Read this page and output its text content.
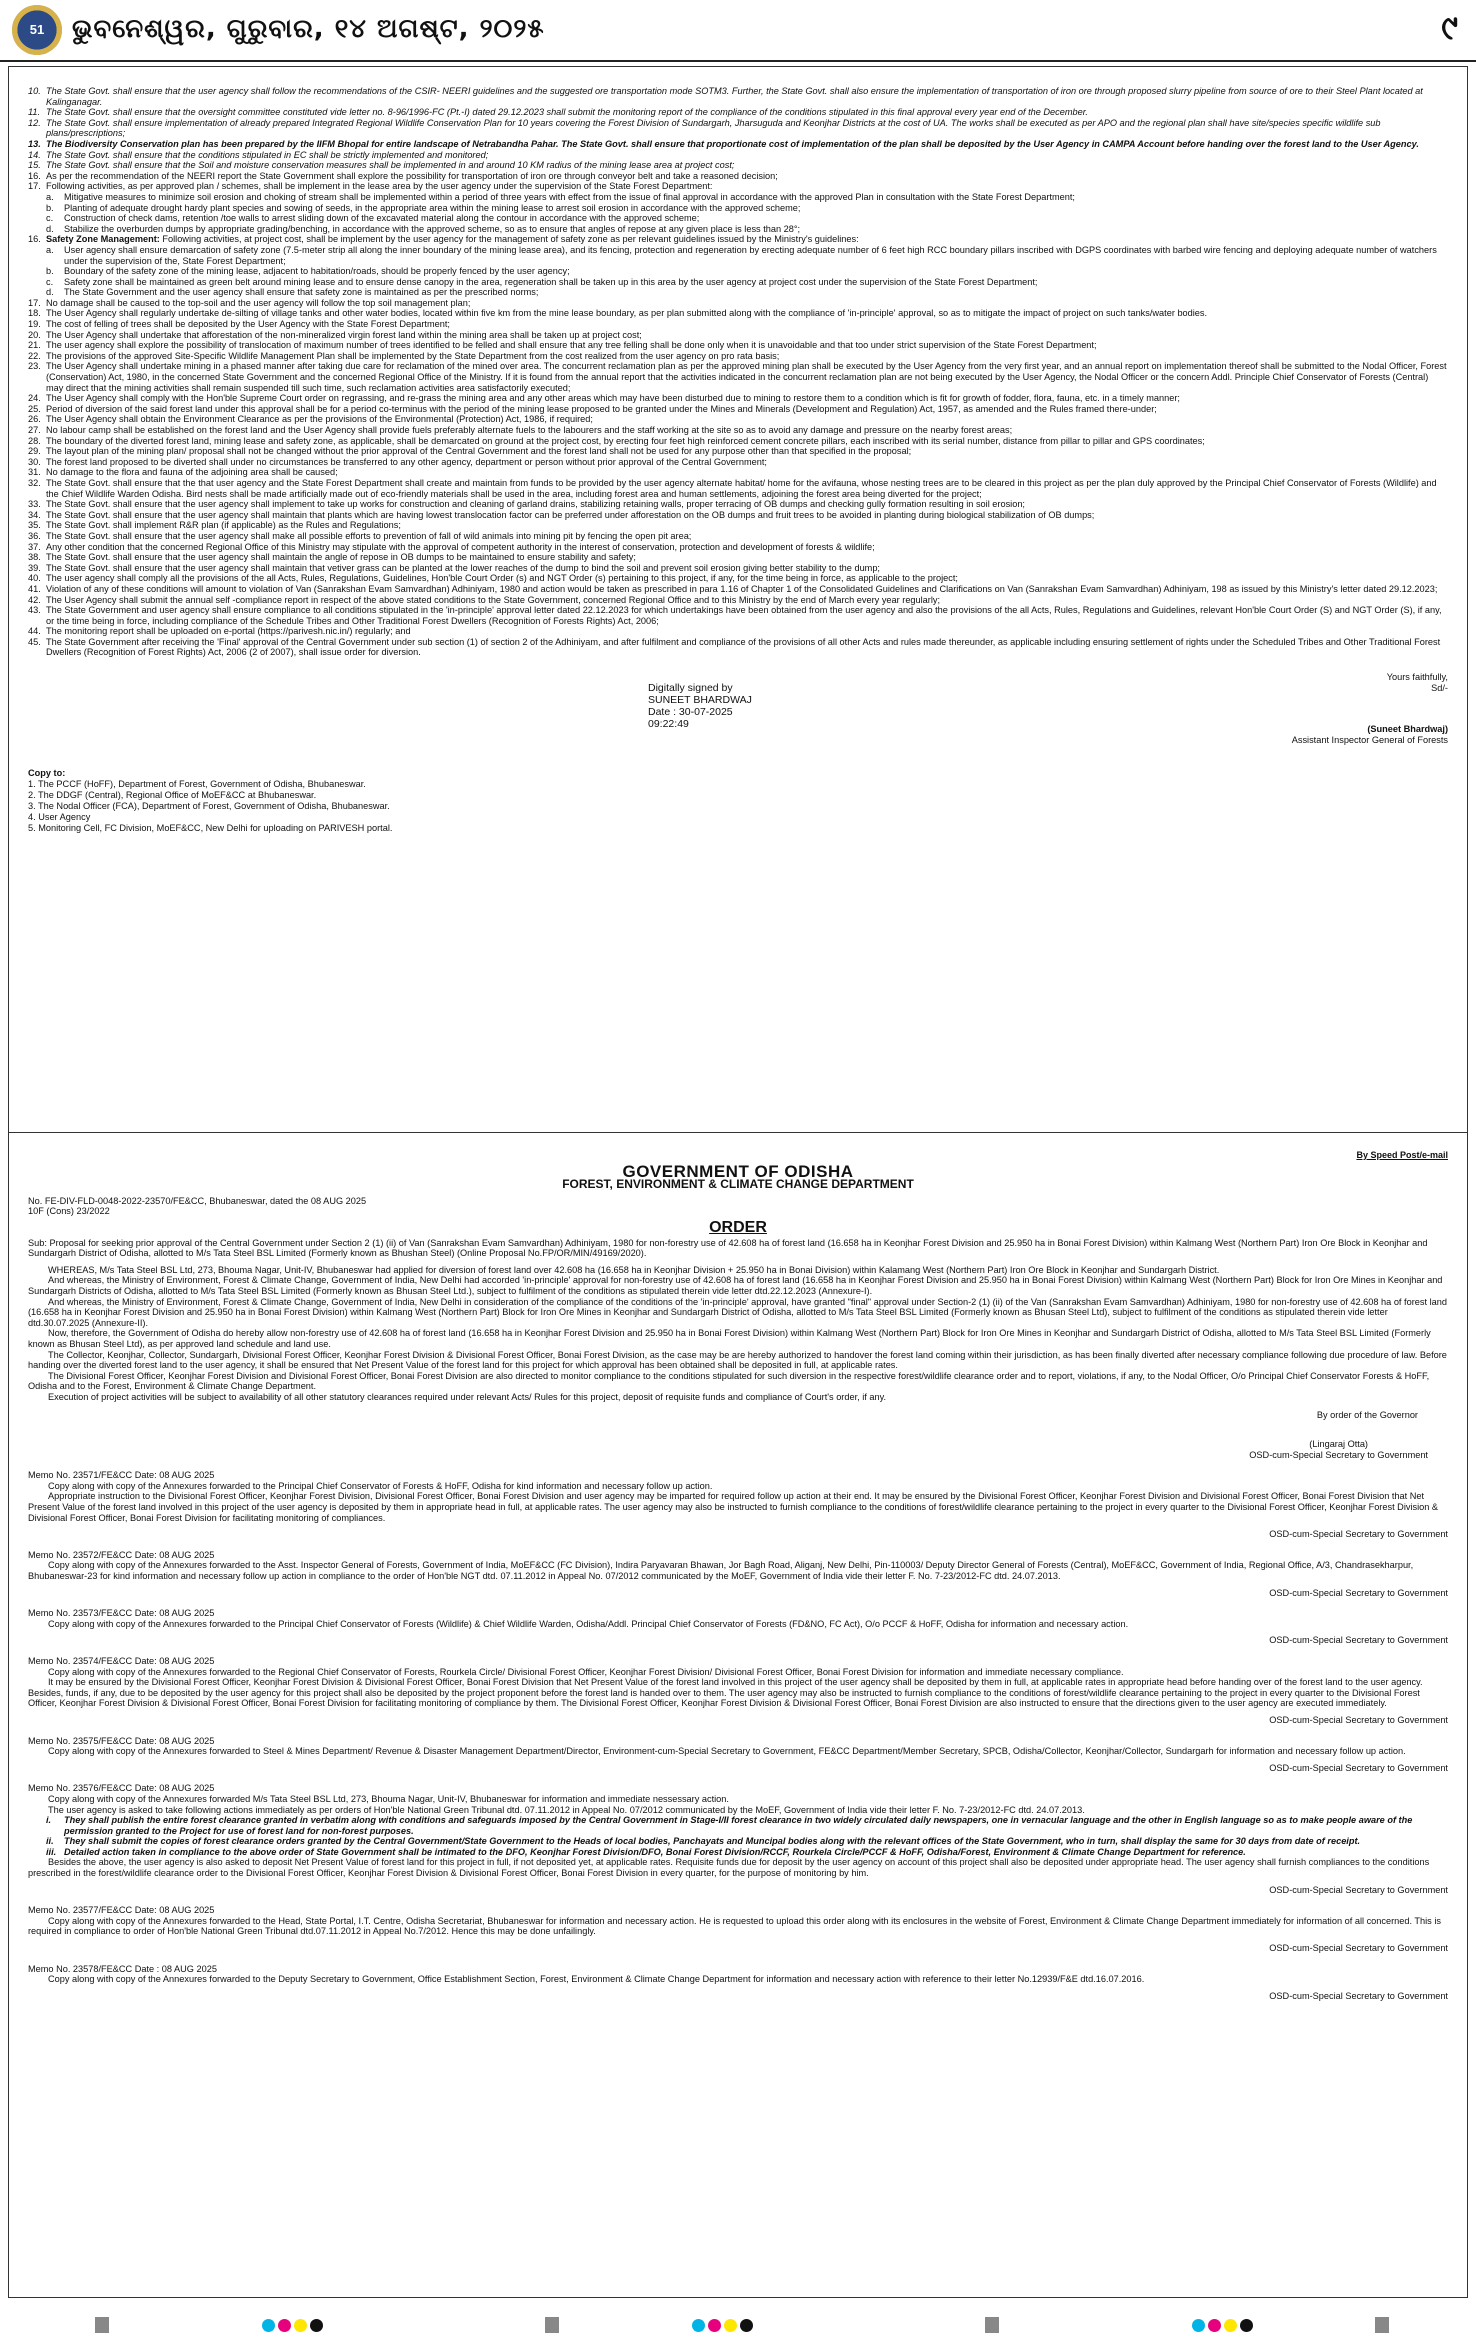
51	ଭୁବନେଶ୍ୱର, ଗୁରୁବାର, ୧୪ ଅଗଷ୍ଟ, ୨୦୨୫	୯
10. The State Govt. shall ensure that the user agency shall follow the recommendations of the CSIR- NEERI guidelines and the suggested ore transportation mode SOTM3. Further, the State Govt. shall also ensure the implementation of transportation of iron ore through proposed slurry pipeline from source of ore to their Steel Plant located at Kalinganagar.
11. The State Govt. shall ensure that the oversight committee constituted vide letter no. 8-96/1996-FC (Pt.-I) dated 29.12.2023 shall submit the monitoring report of the compliance of the conditions stipulated in this final approval every year end of the December.
12. The State Govt. shall ensure implementation of already prepared Integrated Regional Wildlife Conservation Plan for 10 years covering the Forest Division of Sundargarh, Jharsuguda and Keonjhar Districts at the cost of UA. The works shall be executed as per APO and the regional plan shall have site/species specific wildlife sub plans/prescriptions;
13. The Biodiversity Conservation plan has been prepared by the IIFM Bhopal for entire landscape of Netrabandha Pahar. The State Govt. shall ensure that proportionate cost of implementation of the plan shall be deposited by the User Agency in CAMPA Account before handing over the forest land to the User Agency.
14. The State Govt. shall ensure that the conditions stipulated in EC shall be strictly implemented and monitored;
15. The State Govt. shall ensure that the Soil and moisture conservation measures shall be implemented in and around 10 KM radius of the mining lease area at project cost;
16. As per the recommendation of the NEERI report the State Government shall explore the possibility for transportation of iron ore through conveyor belt and take a reasoned decision;
17. Following activities, as per approved plan / schemes, shall be implement in the lease area by the user agency under the supervision of the State Forest Department:
a. Mitigative measures to minimize soil erosion and choking of stream shall be implemented within a period of three years with effect from the issue of final approval in accordance with the approved Plan in consultation with the State Forest Department;
b. Planting of adequate drought hardy plant species and sowing of seeds, in the appropriate area within the mining lease to arrest soil erosion in accordance with the approved scheme;
c. Construction of check dams, retention /toe walls to arrest sliding down of the excavated material along the contour in accordance with the approved scheme;
d. Stabilize the overburden dumps by appropriate grading/benching, in accordance with the approved scheme, so as to ensure that angles of repose at any given place is less than 28°;
16. Safety Zone Management: Following activities, at project cost, shall be implement by the user agency for the management of safety zone as per relevant guidelines issued by the Ministry's guidelines:
a. User agency shall ensure demarcation of safety zone (7.5-meter strip all along the inner boundary of the mining lease area), and its fencing, protection and regeneration by erecting adequate number of 6 feet high RCC boundary pillars inscribed with DGPS coordinates with barbed wire fencing and deploying adequate number of watchers under the supervision of the, State Forest Department;
b. Boundary of the safety zone of the mining lease, adjacent to habitation/roads, should be properly fenced by the user agency;
c. Safety zone shall be maintained as green belt around mining lease and to ensure dense canopy in the area, regeneration shall be taken up in this area by the user agency at project cost under the supervision of the State Forest Department;
d. The State Government and the user agency shall ensure that safety zone is maintained as per the prescribed norms;
17. No damage shall be caused to the top-soil and the user agency will follow the top soil management plan;
18. The User Agency shall regularly undertake de-silting of village tanks and other water bodies, located within five km from the mine lease boundary, as per plan submitted along with the compliance of 'in-principle' approval, so as to mitigate the impact of project on such tanks/water bodies.
19. The cost of felling of trees shall be deposited by the User Agency with the State Forest Department;
20. The User Agency shall undertake that afforestation of the non-mineralized virgin forest land within the mining area shall be taken up at project cost;
21. The user agency shall explore the possibility of translocation of maximum number of trees identified to be felled and shall ensure that any tree felling shall be done only when it is unavoidable and that too under strict supervision of the State Forest Department;
22. The provisions of the approved Site-Specific Wildlife Management Plan shall be implemented by the State Department from the cost realized from the user agency on pro rata basis;
23. The User Agency shall undertake mining in a phased manner after taking due care for reclamation of the mined over area. The concurrent reclamation plan as per the approved mining plan shall be executed by the User Agency from the very first year, and an annual report on implementation thereof shall be submitted to the Nodal Officer, Forest (Conservation) Act, 1980, in the concerned State Government and the concerned Regional Office of the Ministry. If it is found from the annual report that the activities indicated in the concurrent reclamation plan are not being executed by the User Agency, the Nodal Officer or the concern Addl. Principle Chief Conservator of Forests (Central) may direct that the mining activities shall remain suspended till such time, such reclamation activities area satisfactorily executed;
24. The User Agency shall comply with the Hon'ble Supreme Court order on regrassing, and re-grass the mining area and any other areas which may have been disturbed due to mining to restore them to a condition which is fit for growth of fodder, flora, fauna, etc. in a timely manner;
25. Period of diversion of the said forest land under this approval shall be for a period co-terminus with the period of the mining lease proposed to be granted under the Mines and Minerals (Development and Regulation) Act, 1957, as amended and the Rules framed there-under;
26. The User Agency shall obtain the Environment Clearance as per the provisions of the Environmental (Protection) Act, 1986, if required;
27. No labour camp shall be established on the forest land and the User Agency shall provide fuels preferably alternate fuels to the labourers and the staff working at the site so as to avoid any damage and pressure on the nearby forest areas;
28. The boundary of the diverted forest land, mining lease and safety zone, as applicable, shall be demarcated on ground at the project cost, by erecting four feet high reinforced cement concrete pillars, each inscribed with its serial number, distance from pillar to pillar and GPS coordinates;
29. The layout plan of the mining plan/ proposal shall not be changed without the prior approval of the Central Government and the forest land shall not be used for any purpose other than that specified in the proposal;
30. The forest land proposed to be diverted shall under no circumstances be transferred to any other agency, department or person without prior approval of the Central Government;
31. No damage to the flora and fauna of the adjoining area shall be caused;
32. The State Govt. shall ensure that the that user agency and the State Forest Department shall create and maintain from funds to be provided by the user agency alternate habitat/ home for the avifauna, whose nesting trees are to be cleared in this project as per the plan duly approved by the Principal Chief Conservator of Forests (Wildlife) and the Chief Wildlife Warden Odisha. Bird nests shall be made artificially made out of eco-friendly materials shall be used in the area, including forest area and human settlements, adjoining the forest area being diverted for the project;
33. The State Govt. shall ensure that the user agency shall implement to take up works for construction and cleaning of garland drains, stabilizing retaining walls, proper terracing of OB dumps and checking gully formation resulting in soil erosion;
34. The State Govt. shall ensure that the user agency shall maintain that plants which are having lowest translocation factor can be preferred under afforestation on the OB dumps and fruit trees to be avoided in planting during biological stabilization of OB dumps;
35. The State Govt. shall implement R&R plan (if applicable) as the Rules and Regulations;
36. The State Govt. shall ensure that the user agency shall make all possible efforts to prevention of fall of wild animals into mining pit by fencing the open pit area;
37. Any other condition that the concerned Regional Office of this Ministry may stipulate with the approval of competent authority in the interest of conservation, protection and development of forests & wildlife;
38. The State Govt. shall ensure that the user agency shall maintain the angle of repose in OB dumps to be maintained to ensure stability and safety;
39. The State Govt. shall ensure that the user agency shall maintain that vetiver grass can be planted at the lower reaches of the dump to bind the soil and prevent soil erosion giving better stability to the dump;
40. The user agency shall comply all the provisions of the all Acts, Rules, Regulations, Guidelines, Hon'ble Court Order (s) and NGT Order (s) pertaining to this project, if any, for the time being in force, as applicable to the project;
41. Violation of any of these conditions will amount to violation of Van (Sanrakshan Evam Samvardhan) Adhiniyam, 1980 and action would be taken as prescribed in para 1.16 of Chapter 1 of the Consolidated Guidelines and Clarifications on Van (Sanrakshan Evam Samvardhan) Adhiniyam, 198 as issued by this Ministry's letter dated 29.12.2023;
42. The User Agency shall submit the annual self -compliance report in respect of the above stated conditions to the State Government, concerned Regional Office and to this Ministry by the end of March every year regularly;
43. The State Government and user agency shall ensure compliance to all conditions stipulated in the 'in-principle' approval letter dated 22.12.2023 for which undertakings have been obtained from the user agency and also the provisions of the all Acts, Rules, Regulations and Guidelines, relevant Hon'ble Court Order (S) and NGT Order (S), if any, or the time being in force, including compliance of the Schedule Tribes and Other Traditional Forest Dwellers (Recognition of Forests Rights) Act, 2006;
44. The monitoring report shall be uploaded on e-portal (https://parivesh.nic.in/) regularly; and
45. The State Government after receiving the 'Final' approval of the Central Government under sub section (1) of section 2 of the Adhiniyam, and after fulfilment and compliance of the provisions of all other Acts and rules made thereunder, as applicable including ensuring settlement of rights under the Scheduled Tribes and Other Traditional Forest Dwellers (Recognition of Forest Rights) Act, 2006 (2 of 2007), shall issue order for diversion.
Yours faithfully,
Sd/-
Digitally signed by
SUNEET BHARDWAJ
Date : 30-07-2025
09:22:49	(Suneet Bhardwaj)
Assistant Inspector General of Forests
Copy to:
1. The PCCF (HoFF), Department of Forest, Government of Odisha, Bhubaneswar.
2. The DDGF (Central), Regional Office of MoEF&CC at Bhubaneswar.
3. The Nodal Officer (FCA), Department of Forest, Government of Odisha, Bhubaneswar.
4. User Agency
5. Monitoring Cell, FC Division, MoEF&CC, New Delhi for uploading on PARIVESH portal.
By Speed Post/e-mail
GOVERNMENT OF ODISHA
FOREST, ENVIRONMENT & CLIMATE CHANGE DEPARTMENT
No. FE-DIV-FLD-0048-2022-23570/FE&CC, Bhubaneswar, dated the 08 AUG 2025
10F (Cons) 23/2022
ORDER
Sub: Proposal for seeking prior approval of the Central Government under Section 2 (1) (ii) of Van (Sanrakshan Evam Samvardhan) Adhiniyam, 1980 for non-forestry use of 42.608 ha of forest land (16.658 ha in Keonjhar Forest Division and 25.950 ha in Bonai Forest Division) within Kalmang West (Northern Part) Iron Ore Block in Keonjhar and Sundargarh District of Odisha, allotted to M/s Tata Steel BSL Limited (Formerly known as Bhushan Steel) (Online Proposal No.FP/OR/MIN/49169/2020).
WHEREAS, M/s Tata Steel BSL Ltd, 273, Bhouma Nagar, Unit-IV, Bhubaneswar had applied for diversion of forest land over 42.608 ha (16.658 ha in Keonjhar Division + 25.950 ha in Bonai Division) within Kalamang West (Northern Part) Iron Ore Block in Keonjhar and Sundargarh District.
And whereas, the Ministry of Environment, Forest & Climate Change, Government of India, New Delhi had accorded 'in-principle' approval for non-forestry use of 42.608 ha of forest land (16.658 ha in Keonjhar Forest Division and 25.950 ha in Bonai Forest Division) within Kalmang West (Northern Part) Block for Iron Ore Mines in Keonjhar and Sundargarh Districts of Odisha, allotted to M/s Tata Steel BSL Limited (Formerly known as Bhusan Steel Ltd.), subject to fulfilment of the conditions as stipulated therein vide letter dtd.22.12.2023 (Annexure-I).
And whereas, the Ministry of Environment, Forest & Climate Change, Government of India, New Delhi in consideration of the compliance of the conditions of the 'in-principle' approval, have granted "final" approval under Section-2 (1) (ii) of the Van (Sanrakshan Evam Samvardhan) Adhiniyam, 1980 for non-forestry use of 42.608 ha of forest land (16.658 ha in Keonjhar Forest Division and 25.950 ha in Bonai Forest Division) within Kalmang West (Northern Part) Block for Iron Ore Mines in Keonjhar and Sundargarh District of Odisha, allotted to M/s Tata Steel BSL Limited (Formerly known as Bhusan Steel Ltd), subject to fulfilment of the conditions as stipulated therein vide letter dtd.30.07.2025 (Annexure-II).
Now, therefore, the Government of Odisha do hereby allow non-forestry use of 42.608 ha of forest land (16.658 ha in Keonjhar Forest Division and 25.950 ha in Bonai Forest Division) within Kalmang West (Northern Part) Block for Iron Ore Mines in Keonjhar and Sundargarh District of Odisha, allotted to M/s Tata Steel BSL Limited (Formerly known as Bhusan Steel Ltd), as per approved land schedule and land use.
The Collector, Keonjhar, Collector, Sundargarh, Divisional Forest Officer, Keonjhar Forest Division & Divisional Forest Officer, Bonai Forest Division, as the case may be are hereby authorized to handover the forest land coming within their jurisdiction, as has been finally diverted after necessary compliance following due procedure of law. Before handing over the diverted forest land to the user agency, it shall be ensured that Net Present Value of the forest land for this project for which approval has been obtained shall be deposited in full, at applicable rates.
The Divisional Forest Officer, Keonjhar Forest Division and Divisional Forest Officer, Bonai Forest Division are also directed to monitor compliance to the conditions stipulated for such diversion in the respective forest/wildlife clearance order and to report, violations, if any, to the Nodal Officer, O/o Principal Chief Conservator Forests & HoFF, Odisha and to the Forest, Environment & Climate Change Department.
Execution of project activities will be subject to availability of all other statutory clearances required under relevant Acts/ Rules for this project, deposit of requisite funds and compliance of Court's order, if any.
By order of the Governor
(Lingaraj Otta)
OSD-cum-Special Secretary to Government
Memo No. 23571/FE&CC Date: 08 AUG 2025
Copy along with copy of the Annexures forwarded to the Principal Chief Conservator of Forests & HoFF, Odisha for kind information and necessary follow up action.
Appropriate instruction to the Divisional Forest Officer, Keonjhar Forest Division, Divisional Forest Officer, Bonai Forest Division and user agency may be imparted for required follow up action at their end. It may be ensured by the Divisional Forest Officer, Keonjhar Forest Division and Divisional Forest Officer, Bonai Forest Division that Net Present Value of the forest land involved in this project of the user agency is deposited by them in appropriate head in full, at applicable rates. The user agency may also be instructed to furnish compliance to the conditions of forest/wildlife clearance pertaining to the project in every quarter to the Divisional Forest Officer, Keonjhar Forest Division & Divisional Forest Officer, Bonai Forest Division for facilitating monitoring of compliances.
OSD-cum-Special Secretary to Government
Memo No. 23572/FE&CC Date: 08 AUG 2025
Copy along with copy of the Annexures forwarded to the Asst. Inspector General of Forests, Government of India, MoEF&CC (FC Division), Indira Paryavaran Bhawan, Jor Bagh Road, Aliganj, New Delhi, Pin-110003/ Deputy Director General of Forests (Central), MoEF&CC, Government of India, Regional Office, A/3, Chandrasekharpur, Bhubaneswar-23 for kind information and necessary follow up action in compliance to the order of Hon'ble NGT dtd. 07.11.2012 in Appeal No. 07/2012 communicated by the MoEF, Government of India vide their letter F. No. 7-23/2012-FC dtd. 24.07.2013.
OSD-cum-Special Secretary to Government
Memo No. 23573/FE&CC Date: 08 AUG 2025
Copy along with copy of the Annexures forwarded to the Principal Chief Conservator of Forests (Wildlife) & Chief Wildlife Warden, Odisha/Addl. Principal Chief Conservator of Forests (FD&NO, FC Act), O/o PCCF & HoFF, Odisha for information and necessary action.
OSD-cum-Special Secretary to Government
Memo No. 23574/FE&CC Date: 08 AUG 2025
Copy along with copy of the Annexures forwarded to the Regional Chief Conservator of Forests, Rourkela Circle/ Divisional Forest Officer, Keonjhar Forest Division/ Divisional Forest Officer, Bonai Forest Division for information and immediate necessary compliance.
It may be ensured by the Divisional Forest Officer, Keonjhar Forest Division & Divisional Forest Officer, Bonai Forest Division that Net Present Value of the forest land involved in this project of the user agency shall be deposited by them in full, at applicable rates in appropriate head before handing over of the forest land to the user agency. Besides, funds, if any, due to be deposited by the user agency for this project shall also be deposited by the project proponent before the forest land is handed over to them. The user agency may also be instructed to furnish compliance to the conditions of forest/wildlife clearance pertaining to the project in every quarter to the Divisional Forest Officer, Keonjhar Forest Division & Divisional Forest Officer, Bonai Forest Division for facilitating monitoring of compliance by them. The Divisional Forest Officer, Keonjhar Forest Division & Divisional Forest Officer, Bonai Forest Division are also instructed to ensure that the directions given to the user agency are executed immediately.
OSD-cum-Special Secretary to Government
Memo No. 23575/FE&CC Date: 08 AUG 2025
Copy along with copy of the Annexures forwarded to Steel & Mines Department/ Revenue & Disaster Management Department/Director, Environment-cum-Special Secretary to Government, FE&CC Department/Member Secretary, SPCB, Odisha/Collector, Keonjhar/Collector, Sundargarh for information and necessary follow up action.
OSD-cum-Special Secretary to Government
Memo No. 23576/FE&CC Date: 08 AUG 2025
Copy along with copy of the Annexures forwarded M/s Tata Steel BSL Ltd, 273, Bhouma Nagar, Unit-IV, Bhubaneswar for information and immediate nessessary action.
The user agency is asked to take following actions immediately as per orders of Hon'ble National Green Tribunal dtd. 07.11.2012 in Appeal No. 07/2012 communicated by the MoEF, Government of India vide their letter F. No. 7-23/2012-FC dtd. 24.07.2013.
i. They shall publish the entire forest clearance granted in verbatim along with conditions and safeguards imposed by the Central Government in Stage-I/II forest clearance in two widely circulated daily newspapers, one in vernacular language and the other in English language so as to make people aware of the permission granted to the Project for use of forest land for non-forest purposes.
ii. They shall submit the copies of forest clearance orders granted by the Central Government/State Government to the Heads of local bodies, Panchayats and Muncipal bodies along with the relevant offices of the State Government, who in turn, shall display the same for 30 days from date of receipt.
iii. Detailed action taken in compliance to the above order of State Government shall be intimated to the DFO, Keonjhar Forest Division/DFO, Bonai Forest Division/RCCF, Rourkela Circle/PCCF & HoFF, Odisha/Forest, Environment & Climate Change Department for reference.
Besides the above, the user agency is also asked to deposit Net Present Value of forest land for this project in full, if not deposited yet, at applicable rates. Requisite funds due for deposit by the user agency on account of this project shall also be deposited under appropriate head. The user agency shall furnish compliances to the conditions prescribed in the forest/wildlife clearance order to the Divisional Forest Officer, Keonjhar Forest Division & Divisional Forest Officer, Bonai Forest Division in every quarter, for the purpose of monitoring by him.
OSD-cum-Special Secretary to Government
Memo No. 23577/FE&CC Date: 08 AUG 2025
Copy along with copy of the Annexures forwarded to the Head, State Portal, I.T. Centre, Odisha Secretariat, Bhubaneswar for information and necessary action. He is requested to upload this order along with its enclosures in the website of Forest, Environment & Climate Change Department immediately for information of all concerned. This is required in compliance to order of Hon'ble National Green Tribunal dtd.07.11.2012 in Appeal No.7/2012. Hence this may be done unfailingly.
OSD-cum-Special Secretary to Government
Memo No. 23578/FE&CC Date : 08 AUG 2025
Copy along with copy of the Annexures forwarded to the Deputy Secretary to Government, Office Establishment Section, Forest, Environment & Climate Change Department for information and necessary action with reference to their letter No.12939/F&E dtd.16.07.2016.
OSD-cum-Special Secretary to Government
